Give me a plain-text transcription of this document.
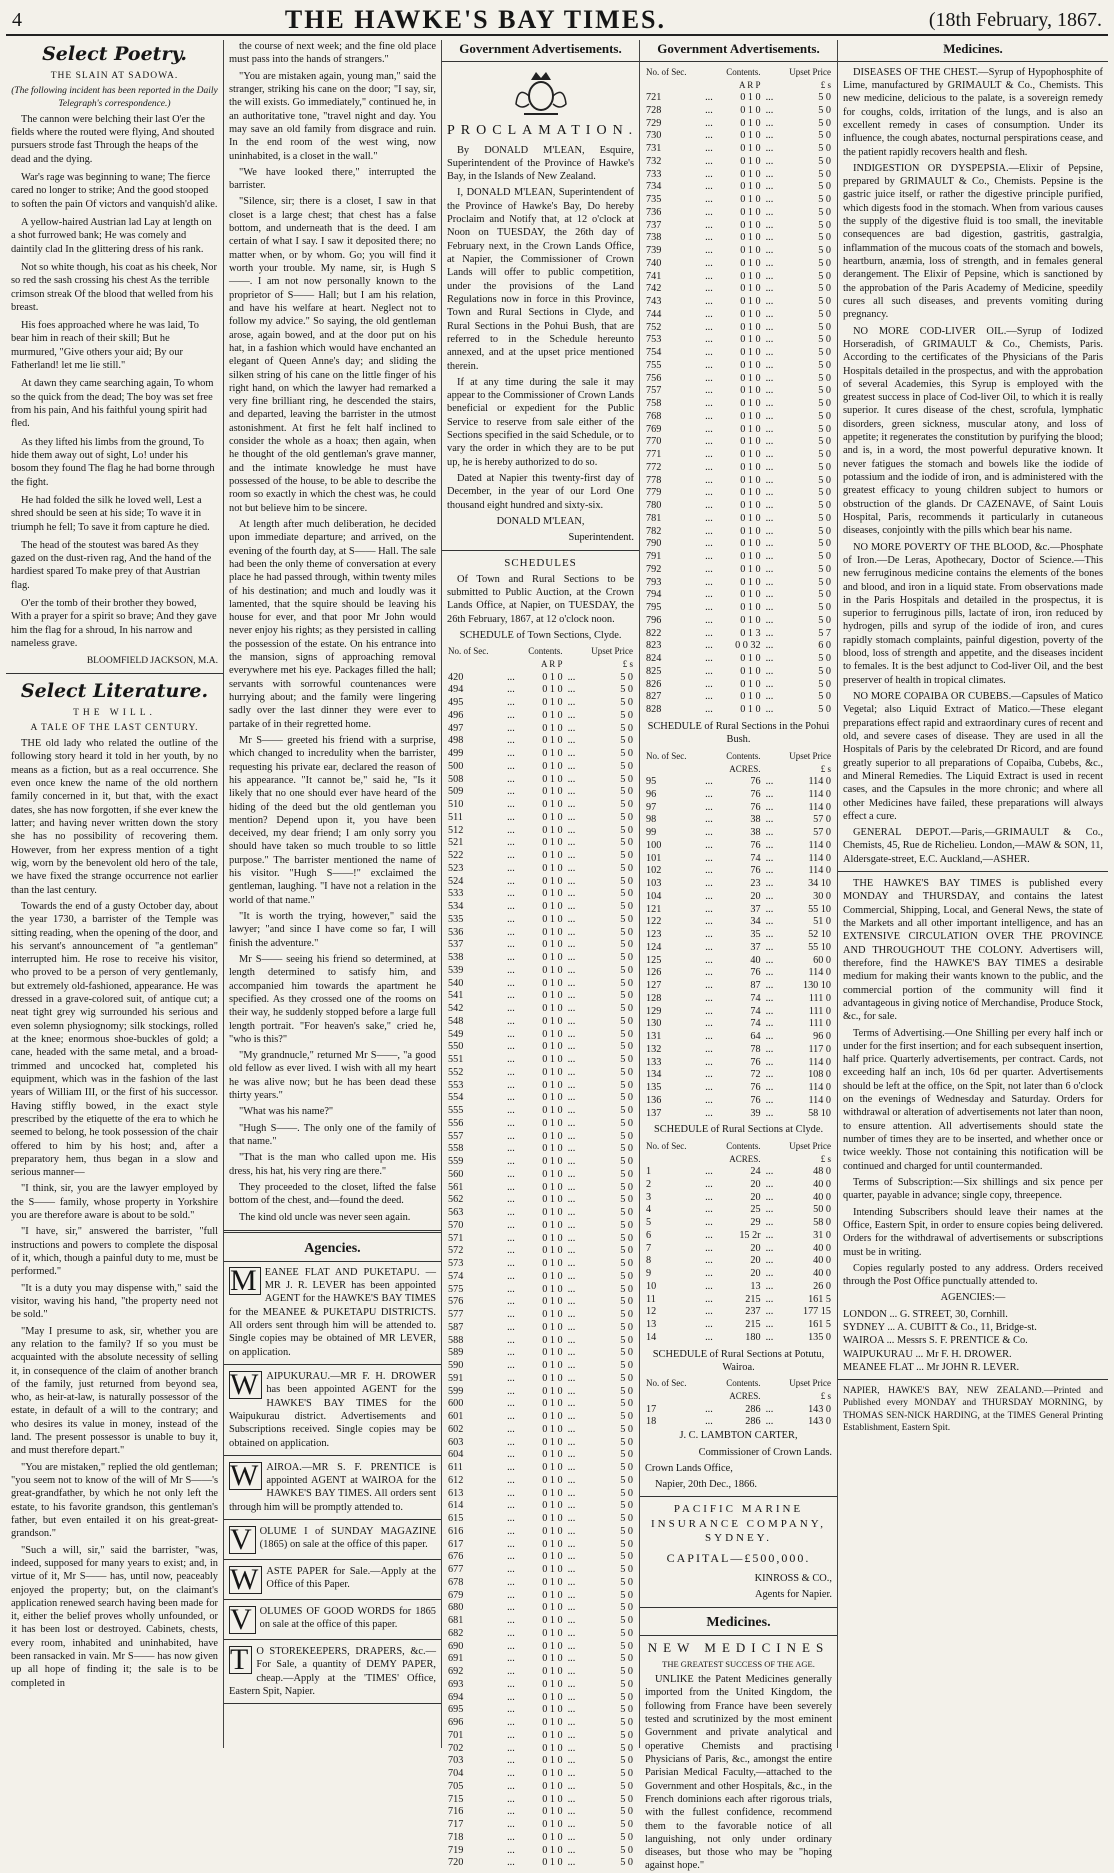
4	THE HAWKE'S BAY TIMES.	(18th February, 1867.
Select Poetry.
THE SLAIN AT SADOWA.
(The following incident has been reported in the Daily Telegraph's correspondence.)

The cannon were belching their last O'er the fields where the routed were flying, And shouted pursuers strode fast Through the heaps of the dead and the dying.

War's rage was beginning to wane; The fierce cared no longer to strike; And the good stooped to soften the pain Of victors and vanquish'd alike.

A yellow-haired Austrian lad Lay at length on a shot furrowed bank; He was comely and daintily clad In the glittering dress of his rank.

Not so white though, his coat as his cheek, Nor so red the sash crossing his chest As the terrible crimson streak Of the blood that welled from his breast.

His foes approached where he was laid, To bear him in reach of their skill; But he murmured, "Give others your aid; By our Fatherland! let me lie still."

At dawn they came searching again, To whom so the quick from the dead; The boy was set free from his pain, And his faithful young spirit had fled.

As they lifted his limbs from the ground, To hide them away out of sight, Lo! under his bosom they found The flag he had borne through the fight.

He had folded the silk he loved well, Lest a shred should be seen at his side; To wave it in triumph he fell; To save it from capture he died.

The head of the stoutest was bared As they gazed on the dust-riven rag, And the hand of the hardiest spared To make prey of that Austrian flag.

O'er the tomb of their brother they bowed, With a prayer for a spirit so brave; And they gave him the flag for a shroud, In his narrow and nameless grave.

BLOOMFIELD JACKSON, M.A.
Select Literature.
THE WILL.
A TALE OF THE LAST CENTURY.

THE old lady who related the outline of the following story heard it told in her youth, by no means as a fiction, but as a real occurrence. She even once knew the name of the old northern family concerned in it, but that, with the exact dates, she has now forgotten, if she ever knew the latter; and having never written down the story she has no possibility of recovering them. However, from her express mention of a tight wig, worn by the benevolent old hero of the tale, we have fixed the strange occurrence not earlier than the last century.

Towards the end of a gusty October day, about the year 1730, a barrister of the Temple was sitting reading, when the opening of the door, and his servant's announcement of "a gentleman" interrupted him. He rose to receive his visitor, who proved to be a person of very gentlemanly, but extremely old-fashioned, appearance. He was dressed in a grave-colored suit, of antique cut; a neat tight grey wig surrounded his serious and even solemn physiognomy; silk stockings, rolled at the knee; enormous shoe-buckles of gold; a cane, headed with the same metal, and a broad-trimmed and uncocked hat, completed his equipment, which was in the fashion of the last years of William III, or the first of his successor. Having stiffly bowed, in the exact style prescribed by the etiquette of the era to which he seemed to belong, he took possession of the chair offered to him by his host; and, after a preparatory hem, thus began in a slow and serious manner—

"I think, sir, you are the lawyer employed by the S—— family, whose property in Yorkshire you are therefore aware is about to be sold."

"I have, sir," answered the barrister, "full instructions and powers to complete the disposal of it, which, though a painful duty to me, must be performed."

"It is a duty you may dispense with," said the visitor, waving his hand, "the property need not be sold."

"May I presume to ask, sir, whether you are any relation to the family? If so you must be acquainted with the absolute necessity of selling it, in consequence of the claim of another branch of the family, just returned from beyond sea, who, as heir-at-law, is naturally possessor of the estate, in default of a will to the contrary; and who desires its value in money, instead of the land. The present possessor is unable to buy it, and must therefore depart."

"You are mistaken," replied the old gentleman; "you seem not to know of the will of Mr S——'s great-grandfather, by which he not only left the estate, to his favorite grandson, this gentleman's father, but even entailed it on his great-great-grandson."

"Such a will, sir," said the barrister, "was, indeed, supposed for many years to exist; and, in virtue of it, Mr S—— has, until now, peaceably enjoyed the property; but, on the claimant's application renewed search having been made for it, either the belief proves wholly unfounded, or it has been lost or destroyed. Cabinets, chests, every room, inhabited and uninhabited, have been ransacked in vain. Mr S—— has now given up all hope of finding it; the sale is to be completed in

the course of next week; and the fine old place must pass into the hands of strangers."

"You are mistaken again, young man," said the stranger, striking his cane on the door; "I say, sir, the will exists. Go immediately," continued he, in an authoritative tone, "travel night and day. You may save an old family from disgrace and ruin. In the end room of the west wing, now uninhabited, is a closet in the wall."

"We have looked there," interrupted the barrister.

"Silence, sir; there is a closet, I saw in that closet is a large chest; that chest has a false bottom, and underneath that is the deed. I am certain of what I say. I saw it deposited there; no matter when, or by whom. Go; you will find it worth your trouble. My name, sir, is Hugh S——. I am not now personally known to the proprietor of S—— Hall; but I am his relation, and have his welfare at heart. Neglect not to follow my advice." So saying, the old gentleman arose, again bowed, and at the door put on his hat, in a fashion which would have enchanted an elegant of Queen Anne's day; and sliding the silken string of his cane on the little finger of his right hand, on which the lawyer had remarked a very fine brilliant ring, he descended the stairs, and departed, leaving the barrister in the utmost astonishment. At first he felt half inclined to consider the whole as a hoax; then again, when he thought of the old gentleman's grave manner, and the intimate knowledge he must have possessed of the house, to be able to describe the room so exactly in which the chest was, he could not but believe him to be sincere.

At length after much deliberation, he decided upon immediate departure; and arrived, on the evening of the fourth day, at S—— Hall. The sale had been the only theme of conversation at every place he had passed through, within twenty miles of his destination; and much and loudly was it lamented, that the squire should be leaving his house for ever, and that poor Mr John would never enjoy his rights; as they persisted in calling the possession of the estate. On his entrance into the mansion, signs of approaching removal everywhere met his eye. Packages filled the hall; servants with sorrowful countenances were hurrying about; and the family were lingering sadly over the last dinner they were ever to partake of in their regretted home.

Mr S—— greeted his friend with a surprise, which changed to incredulity when the barrister, requesting his private ear, declared the reason of his appearance. "It cannot be," said he, "Is it likely that no one should ever have heard of the hiding of the deed but the old gentleman you mention? Depend upon it, you have been deceived, my dear friend; I am only sorry you should have taken so much trouble to so little purpose." The barrister mentioned the name of his visitor. "Hugh S——!" exclaimed the gentleman, laughing. "I have not a relation in the world of that name."

"It is worth the trying, however," said the lawyer; "and since I have come so far, I will finish the adventure."

Mr S—— seeing his friend so determined, at length determined to satisfy him, and accompanied him towards the apartment he specified. As they crossed one of the rooms on their way, he suddenly stopped before a large full length portrait. "For heaven's sake," cried he, "who is this?"

"My grandnucle," returned Mr S——, "a good old fellow as ever lived. I wish with all my heart he was alive now; but he has been dead these thirty years."

"What was his name?"

"Hugh S——. The only one of the family of that name."

"That is the man who called upon me. His dress, his hat, his very ring are there."

They proceeded to the closet, lifted the false bottom of the chest, and—found the deed.

The kind old uncle was never seen again.

Agencies.
M EANEE FLAT AND PUKETAPU. —MR J. R. LEVER has been appointed AGENT for the HAWKE'S BAY TIMES for the MEANEE & PUKETAPU DISTRICTS. All orders sent through him will be attended to. Single copies may be obtained of MR LEVER, on application.
W AIPUKURAU.—MR F. H. DROWER has been appointed AGENT for the HAWKE'S BAY TIMES for the Waipukurau district. Advertisements and Subscriptions received. Single copies may be obtained on application.
W AIROA.—MR S. F. PRENTICE is appointed AGENT at WAIROA for the HAWKE'S BAY TIMES. All orders sent through him will be promptly attended to.
V OLUME I of SUNDAY MAGAZINE (1865) on sale at the office of this paper.
W ASTE PAPER for Sale.—Apply at the Office of this Paper.
V OLUMES OF GOOD WORDS for 1865 on sale at the office of this paper.
T O STOREKEEPERS, DRAPERS, &c.—For Sale, a quantity of DEMY PAPER, cheap.—Apply at the 'TIMES' Office, Eastern Spit, Napier.
Government Advertisements.
PROCLAMATION.

By DONALD M'LEAN, Esquire, Superintendent of the Province of Hawke's Bay, in the Islands of New Zealand.

I, DONALD M'LEAN, Superintendent of the Province of Hawke's Bay, Do hereby Proclaim and Notify that, at 12 o'clock at Noon on TUESDAY, the 26th day of February next, in the Crown Lands Office, at Napier, the Commissioner of Crown Lands will offer to public competition, under the provisions of the Land Regulations now in force in this Province, Town and Rural Sections in Clyde, and Rural Sections in the Pohui Bush, that are referred to in the Schedule hereunto annexed, and at the upset price mentioned therein.

If at any time during the sale it may appear to the Commissioner of Crown Lands beneficial or expedient for the Public Service to reserve from sale either of the Sections specified in the said Schedule, or to vary the order in which they are to be put up, he is hereby authorized to do so.

Dated at Napier this twenty-first day of December, in the year of our Lord One thousand eight hundred and sixty-six.

DONALD M'LEAN,

Superintendent.

SCHEDULES

Of Town and Rural Sections to be submitted to Public Auction, at the Crown Lands Office, at Napier, on TUESDAY, the 26th February, 1867, at 12 o'clock noon.

SCHEDULE of Town Sections, Clyde.

No. of Sec.		Contents.		Upset Price
		A R P		£ s
420	...	0 1 0	...	5 0
494	...	0 1 0	...	5 0
495	...	0 1 0	...	5 0
496	...	0 1 0	...	5 0
497	...	0 1 0	...	5 0
498	...	0 1 0	...	5 0
499	...	0 1 0	...	5 0
500	...	0 1 0	...	5 0
508	...	0 1 0	...	5 0
509	...	0 1 0	...	5 0
510	...	0 1 0	...	5 0
511	...	0 1 0	...	5 0
512	...	0 1 0	...	5 0
521	...	0 1 0	...	5 0
522	...	0 1 0	...	5 0
523	...	0 1 0	...	5 0
524	...	0 1 0	...	5 0
533	...	0 1 0	...	5 0
534	...	0 1 0	...	5 0
535	...	0 1 0	...	5 0
536	...	0 1 0	...	5 0
537	...	0 1 0	...	5 0
538	...	0 1 0	...	5 0
539	...	0 1 0	...	5 0
540	...	0 1 0	...	5 0
541	...	0 1 0	...	5 0
542	...	0 1 0	...	5 0
548	...	0 1 0	...	5 0
549	...	0 1 0	...	5 0
550	...	0 1 0	...	5 0
551	...	0 1 0	...	5 0
552	...	0 1 0	...	5 0
553	...	0 1 0	...	5 0
554	...	0 1 0	...	5 0
555	...	0 1 0	...	5 0
556	...	0 1 0	...	5 0
557	...	0 1 0	...	5 0
558	...	0 1 0	...	5 0
559	...	0 1 0	...	5 0
560	...	0 1 0	...	5 0
561	...	0 1 0	...	5 0
562	...	0 1 0	...	5 0
563	...	0 1 0	...	5 0
570	...	0 1 0	...	5 0
571	...	0 1 0	...	5 0
572	...	0 1 0	...	5 0
573	...	0 1 0	...	5 0
574	...	0 1 0	...	5 0
575	...	0 1 0	...	5 0
576	...	0 1 0	...	5 0
577	...	0 1 0	...	5 0
587	...	0 1 0	...	5 0
588	...	0 1 0	...	5 0
589	...	0 1 0	...	5 0
590	...	0 1 0	...	5 0
591	...	0 1 0	...	5 0
599	...	0 1 0	...	5 0
600	...	0 1 0	...	5 0
601	...	0 1 0	...	5 0
602	...	0 1 0	...	5 0
603	...	0 1 0	...	5 0
604	...	0 1 0	...	5 0
611	...	0 1 0	...	5 0
612	...	0 1 0	...	5 0
613	...	0 1 0	...	5 0
614	...	0 1 0	...	5 0
615	...	0 1 0	...	5 0
616	...	0 1 0	...	5 0
617	...	0 1 0	...	5 0
676	...	0 1 0	...	5 0
677	...	0 1 0	...	5 0
678	...	0 1 0	...	5 0
679	...	0 1 0	...	5 0
680	...	0 1 0	...	5 0
681	...	0 1 0	...	5 0
682	...	0 1 0	...	5 0
690	...	0 1 0	...	5 0
691	...	0 1 0	...	5 0
692	...	0 1 0	...	5 0
693	...	0 1 0	...	5 0
694	...	0 1 0	...	5 0
695	...	0 1 0	...	5 0
696	...	0 1 0	...	5 0
701	...	0 1 0	...	5 0
702	...	0 1 0	...	5 0
703	...	0 1 0	...	5 0
704	...	0 1 0	...	5 0
705	...	0 1 0	...	5 0
715	...	0 1 0	...	5 0
716	...	0 1 0	...	5 0
717	...	0 1 0	...	5 0
718	...	0 1 0	...	5 0
719	...	0 1 0	...	5 0
720	...	0 1 0	...	5 0
Government Advertisements.
No. of Sec.		Contents.		Upset Price
		A R P		£ s
721	...	0 1 0	...	5 0
728	...	0 1 0	...	5 0
729	...	0 1 0	...	5 0
730	...	0 1 0	...	5 0
731	...	0 1 0	...	5 0
732	...	0 1 0	...	5 0
733	...	0 1 0	...	5 0
734	...	0 1 0	...	5 0
735	...	0 1 0	...	5 0
736	...	0 1 0	...	5 0
737	...	0 1 0	...	5 0
738	...	0 1 0	...	5 0
739	...	0 1 0	...	5 0
740	...	0 1 0	...	5 0
741	...	0 1 0	...	5 0
742	...	0 1 0	...	5 0
743	...	0 1 0	...	5 0
744	...	0 1 0	...	5 0
752	...	0 1 0	...	5 0
753	...	0 1 0	...	5 0
754	...	0 1 0	...	5 0
755	...	0 1 0	...	5 0
756	...	0 1 0	...	5 0
757	...	0 1 0	...	5 0
758	...	0 1 0	...	5 0
768	...	0 1 0	...	5 0
769	...	0 1 0	...	5 0
770	...	0 1 0	...	5 0
771	...	0 1 0	...	5 0
772	...	0 1 0	...	5 0
778	...	0 1 0	...	5 0
779	...	0 1 0	...	5 0
780	...	0 1 0	...	5 0
781	...	0 1 0	...	5 0
782	...	0 1 0	...	5 0
790	...	0 1 0	...	5 0
791	...	0 1 0	...	5 0
792	...	0 1 0	...	5 0
793	...	0 1 0	...	5 0
794	...	0 1 0	...	5 0
795	...	0 1 0	...	5 0
796	...	0 1 0	...	5 0
822	...	0 1 3	...	5 7
823	...	0 0 32	...	6 0
824	...	0 1 0	...	5 0
825	...	0 1 0	...	5 0
826	...	0 1 0	...	5 0
827	...	0 1 0	...	5 0
828	...	0 1 0	...	5 0

SCHEDULE of Rural Sections in the Pohui Bush.

No. of Sec.		Contents.		Upset Price
		ACRES.		£ s
95	...	76	...	114 0
96	...	76	...	114 0
97	...	76	...	114 0
98	...	38	...	57 0
99	...	38	...	57 0
100	...	76	...	114 0
101	...	74	...	114 0
102	...	76	...	114 0
103	...	23	...	34 10
104	...	20	...	30 0
121	...	37	...	55 10
122	...	34	...	51 0
123	...	35	...	52 10
124	...	37	...	55 10
125	...	40	...	60 0
126	...	76	...	114 0
127	...	87	...	130 10
128	...	74	...	111 0
129	...	74	...	111 0
130	...	74	...	111 0
131	...	64	...	96 0
132	...	78	...	117 0
133	...	76	...	114 0
134	...	72	...	108 0
135	...	76	...	114 0
136	...	76	...	114 0
137	...	39	...	58 10

SCHEDULE of Rural Sections at Clyde.

No. of Sec.		Contents.		Upset Price
		ACRES.		£ s
1	...	24	...	48 0
2	...	20	...	40 0
3	...	20	...	40 0
4	...	25	...	50 0
5	...	29	...	58 0
6	...	15 2r	...	31 0
7	...	20	...	40 0
8	...	20	...	40 0
9	...	20	...	40 0
10	...	13	...	26 0
11	...	215	...	161 5
12	...	237	...	177 15
13	...	215	...	161 5
14	...	180	...	135 0

SCHEDULE of Rural Sections at Potutu, Wairoa.

No. of Sec.		Contents.		Upset Price
		ACRES.		£ s
17	...	286	...	143 0
18	...	286	...	143 0

J. C. LAMBTON CARTER,

Commissioner of Crown Lands.

Crown Lands Office,

Napier, 20th Dec., 1866.

PACIFIC MARINE INSURANCE COMPANY, SYDNEY.

CAPITAL—£500,000.

KINROSS & CO.,

Agents for Napier.

Medicines.

NEW MEDICINES

THE GREATEST SUCCESS OF THE AGE.

UNLIKE the Patent Medicines generally imported from the United Kingdom, the following from France have been severely tested and scrutinized by the most eminent Government and private analytical and operative Chemists and practising Physicians of Paris, &c., amongst the entire Parisian Medical Faculty,—attached to the Government and other Hospitals, &c., in the French dominions each after rigorous trials, with the fullest confidence, recommend them to the favorable notice of all languishing, not only under ordinary diseases, but those who may be "hoping against hope."

Medicines.

DISEASES OF THE CHEST.—Syrup of Hypophosphite of Lime, manufactured by GRIMAULT & Co., Chemists. This new medicine, delicious to the palate, is a sovereign remedy for coughs, colds, irritation of the lungs, and is also an excellent remedy in cases of consumption. Under its influence, the cough abates, nocturnal perspirations cease, and the patient rapidly recovers health and flesh.

INDIGESTION OR DYSPEPSIA.—Elixir of Pepsine, prepared by GRIMAULT & Co., Chemists. Pepsine is the gastric juice itself, or rather the digestive principle purified, which digests food in the stomach. When from various causes the supply of the digestive fluid is too small, the inevitable consequences are bad digestion, gastritis, gastralgia, inflammation of the mucous coats of the stomach and bowels, heartburn, anæmia, loss of strength, and in females general derangement. The Elixir of Pepsine, which is sanctioned by the approbation of the Paris Academy of Medicine, speedily cures all such diseases, and prevents vomiting during pregnancy.

NO MORE COD-LIVER OIL.—Syrup of Iodized Horseradish, of GRIMAULT & Co., Chemists, Paris. According to the certificates of the Physicians of the Paris Hospitals detailed in the prospectus, and with the approbation of several Academies, this Syrup is employed with the greatest success in place of Cod-liver Oil, to which it is really superior. It cures disease of the chest, scrofula, lymphatic disorders, green sickness, muscular atony, and loss of appetite; it regenerates the constitution by purifying the blood; and is, in a word, the most powerful depurative known. It never fatigues the stomach and bowels like the iodide of potassium and the iodide of iron, and is administered with the greatest efficacy to young children subject to humors or obstruction of the glands. Dr CAZENAVE, of Saint Louis Hospital, Paris, recommends it particularly in cutaneous diseases, conjointly with the pills which bear his name.

NO MORE POVERTY OF THE BLOOD, &c.—Phosphate of Iron.—De Leras, Apothecary, Doctor of Science.—This new ferruginous medicine contains the elements of the bones and blood, and iron in a liquid state. From observations made in the Paris Hospitals and detailed in the prospectus, it is superior to ferruginous pills, lactate of iron, iron reduced by hydrogen, pills and syrup of the iodide of iron, and cures rapidly stomach complaints, painful digestion, poverty of the blood, loss of strength and appetite, and the diseases incident to females. It is the best adjunct to Cod-liver Oil, and the best preserver of health in tropical climates.

NO MORE COPAIBA OR CUBEBS.—Capsules of Matico Vegetal; also Liquid Extract of Matico.—These elegant preparations effect rapid and extraordinary cures of recent and old, and severe cases of disease. They are used in all the Hospitals of Paris by the celebrated Dr Ricord, and are found greatly superior to all preparations of Copaiba, Cubebs, &c., and Mineral Remedies. The Liquid Extract is used in recent cases, and the Capsules in the more chronic; and where all other Medicines have failed, these preparations will always effect a cure.

GENERAL DEPOT.—Paris,—GRIMAULT & Co., Chemists, 45, Rue de Richelieu. London,—MAW & SON, 11, Aldersgate-street, E.C. Auckland,—ASHER.

THE HAWKE'S BAY TIMES is published every MONDAY and THURSDAY, and contains the latest Commercial, Shipping, Local, and General News, the state of the Markets and all other important intelligence, and has an EXTENSIVE CIRCULATION OVER THE PROVINCE AND THROUGHOUT THE COLONY. Advertisers will, therefore, find the HAWKE'S BAY TIMES a desirable medium for making their wants known to the public, and the commercial portion of the community will find it advantageous in giving notice of Merchandise, Produce Stock, &c., for sale.

Terms of Advertising.—One Shilling per every half inch or under for the first insertion; and for each subsequent insertion, half price. Quarterly advertisements, per contract. Cards, not exceeding half an inch, 10s 6d per quarter. Advertisements should be left at the office, on the Spit, not later than 6 o'clock on the evenings of Wednesday and Saturday. Orders for withdrawal or alteration of advertisements not later than noon, to ensure attention. All advertisements should state the number of times they are to be inserted, and whether once or twice weekly. Those not containing this notification will be continued and charged for until countermanded.

Terms of Subscription:—Six shillings and six pence per quarter, payable in advance; single copy, threepence.

Intending Subscribers should leave their names at the Office, Eastern Spit, in order to ensure copies being delivered. Orders for the withdrawal of advertisements or subscriptions must be in writing.

Copies regularly posted to any address. Orders received through the Post Office punctually attended to.

AGENCIES:—

LONDON ... G. STREET, 30, Cornhill.

SYDNEY ... A. CUBITT & Co., 11, Bridge-st.

WAIROA ... Messrs S. F. PRENTICE & Co.

WAIPUKURAU ... Mr F. H. DROWER.

MEANEE FLAT ... Mr JOHN R. LEVER.

NAPIER, HAWKE'S BAY, NEW ZEALAND.—Printed and Published every MONDAY and THURSDAY MORNING, by THOMAS SEN-NICK HARDING, at the TIMES General Printing Establishment, Eastern Spit.
